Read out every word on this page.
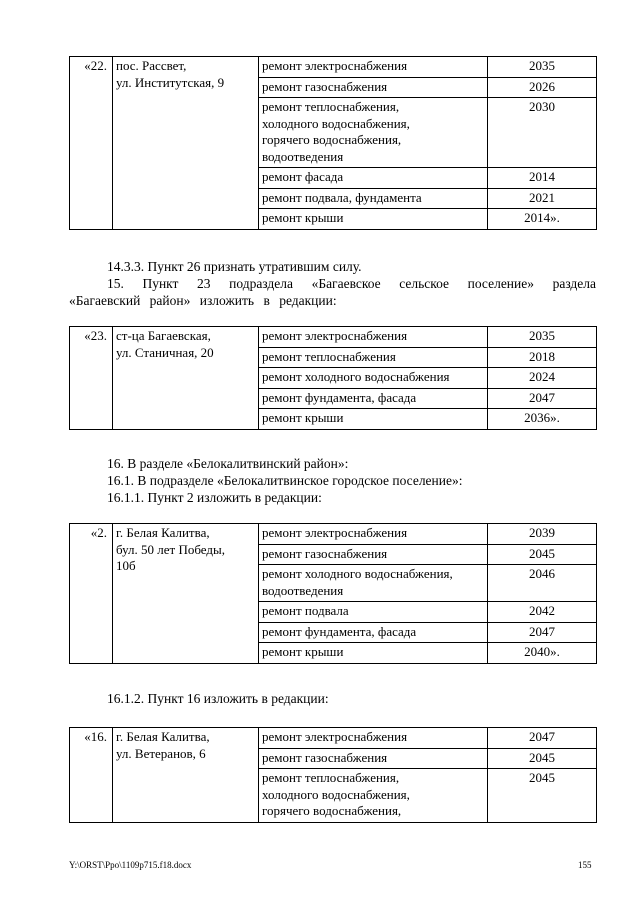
«22.	пос. Рассвет,
ул. Институтская, 9	ремонт электроснабжения	2035
		ремонт газоснабжения	2026
		ремонт теплоснабжения,
холодного водоснабжения,
горячего водоснабжения,
водоотведения	2030
		ремонт фасада	2014
		ремонт подвала, фундамента	2021
		ремонт крыши	2014».

14.3.3. Пункт 26 признать утратившим силу.

15. Пункт 23 подраздела «Багаевское сельское поселение» раздела «Багаевский район» изложить в редакции:

«23.	ст-ца Багаевская,
ул. Станичная, 20	ремонт электроснабжения	2035
		ремонт теплоснабжения	2018
		ремонт холодного водоснабжения	2024
		ремонт фундамента, фасада	2047
		ремонт крыши	2036».

16. В разделе «Белокалитвинский район»:

16.1. В подразделе «Белокалитвинское городское поселение»:

16.1.1. Пункт 2 изложить в редакции:

«2.	г. Белая Калитва,
бул. 50 лет Победы,
10б	ремонт электроснабжения	2039
		ремонт газоснабжения	2045
		ремонт холодного водоснабжения,
водоотведения	2046
		ремонт подвала	2042
		ремонт фундамента, фасада	2047
		ремонт крыши	2040».

16.1.2. Пункт 16 изложить в редакции:

«16.	г. Белая Калитва,
ул. Ветеранов, 6	ремонт электроснабжения	2047
		ремонт газоснабжения	2045
		ремонт теплоснабжения,
холодного водоснабжения,
горячего водоснабжения,	2045
Y:\ORST\Ppo\1109p715.f18.docx	155
